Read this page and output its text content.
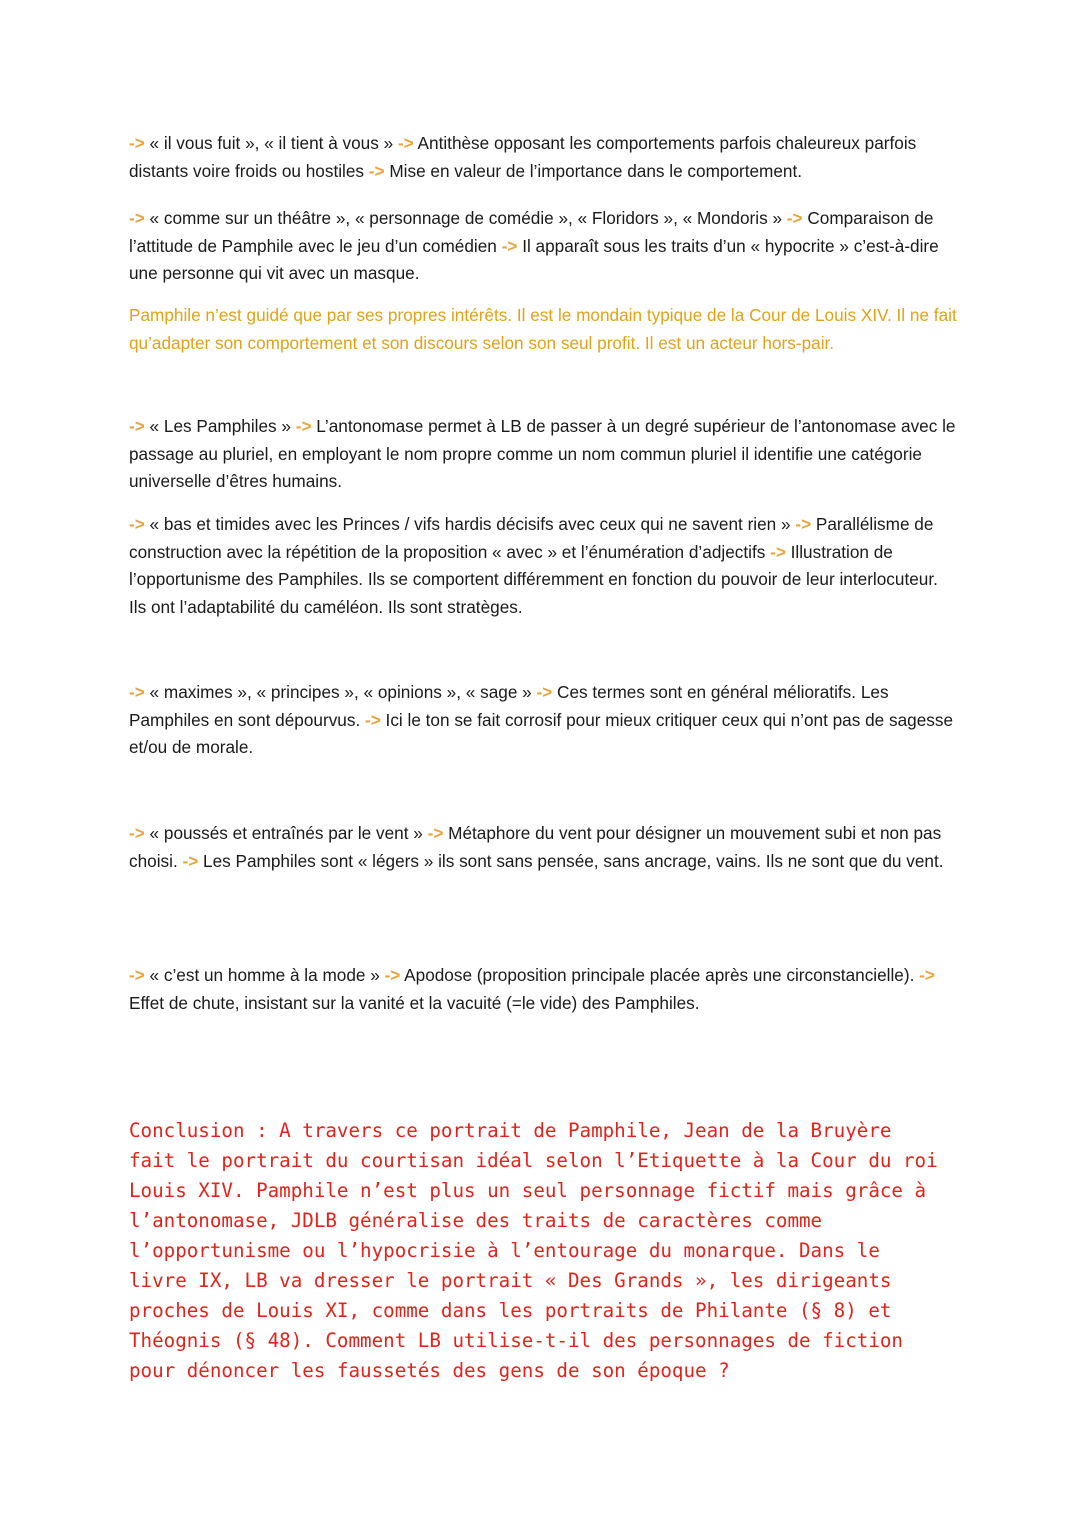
-> « il vous fuit », « il tient à vous » -> Antithèse opposant les comportements parfois chaleureux parfois distants voire froids ou hostiles -> Mise en valeur de l’importance dans le comportement.

-> « comme sur un théâtre », « personnage de comédie », « Floridors », « Mondoris » -> Comparaison de l’attitude de Pamphile avec le jeu d’un comédien -> Il apparaît sous les traits d’un « hypocrite » c’est-à-dire une personne qui vit avec un masque.

Pamphile n’est guidé que par ses propres intérêts. Il est le mondain typique de la Cour de Louis XIV. Il ne fait qu’adapter son comportement et son discours selon son seul profit. Il est un acteur hors-pair.

-> « Les Pamphiles » -> L’antonomase permet à LB de passer à un degré supérieur de l’antonomase avec le passage au pluriel, en employant le nom propre comme un nom commun pluriel il identifie une catégorie universelle d’êtres humains.

-> « bas et timides avec les Princes / vifs hardis décisifs avec ceux qui ne savent rien » -> Parallélisme de construction avec la répétition de la proposition « avec » et l’énumération d’adjectifs -> Illustration de l’opportunisme des Pamphiles. Ils se comportent différemment en fonction du pouvoir de leur interlocuteur. Ils ont l’adaptabilité du caméléon. Ils sont stratèges.

-> « maximes », « principes », « opinions », « sage » -> Ces termes sont en général mélioratifs. Les Pamphiles en sont dépourvus. -> Ici le ton se fait corrosif pour mieux critiquer ceux qui n’ont pas de sagesse et/ou de morale.

-> « poussés et entraînés par le vent » -> Métaphore du vent pour désigner un mouvement subi et non pas choisi. -> Les Pamphiles sont « légers » ils sont sans pensée, sans ancrage, vains. Ils ne sont que du vent.

-> « c’est un homme à la mode » -> Apodose (proposition principale placée après une circonstancielle). -> Effet de chute, insistant sur la vanité et la vacuité (=le vide) des Pamphiles.

Conclusion : A travers ce portrait de Pamphile, Jean de la Bruyère fait le portrait du courtisan idéal selon l’Etiquette à la Cour du roi Louis XIV. Pamphile n’est plus un seul personnage fictif mais grâce à l’antonomase, JDLB généralise des traits de caractères comme l’opportunisme ou l’hypocrisie à l’entourage du monarque. Dans le livre IX, LB va dresser le portrait « Des Grands », les dirigeants proches de Louis XI, comme dans les portraits de Philante (§ 8) et Théognis (§ 48). Comment LB utilise-t-il des personnages de fiction pour dénoncer les faussetés des gens de son époque ?
